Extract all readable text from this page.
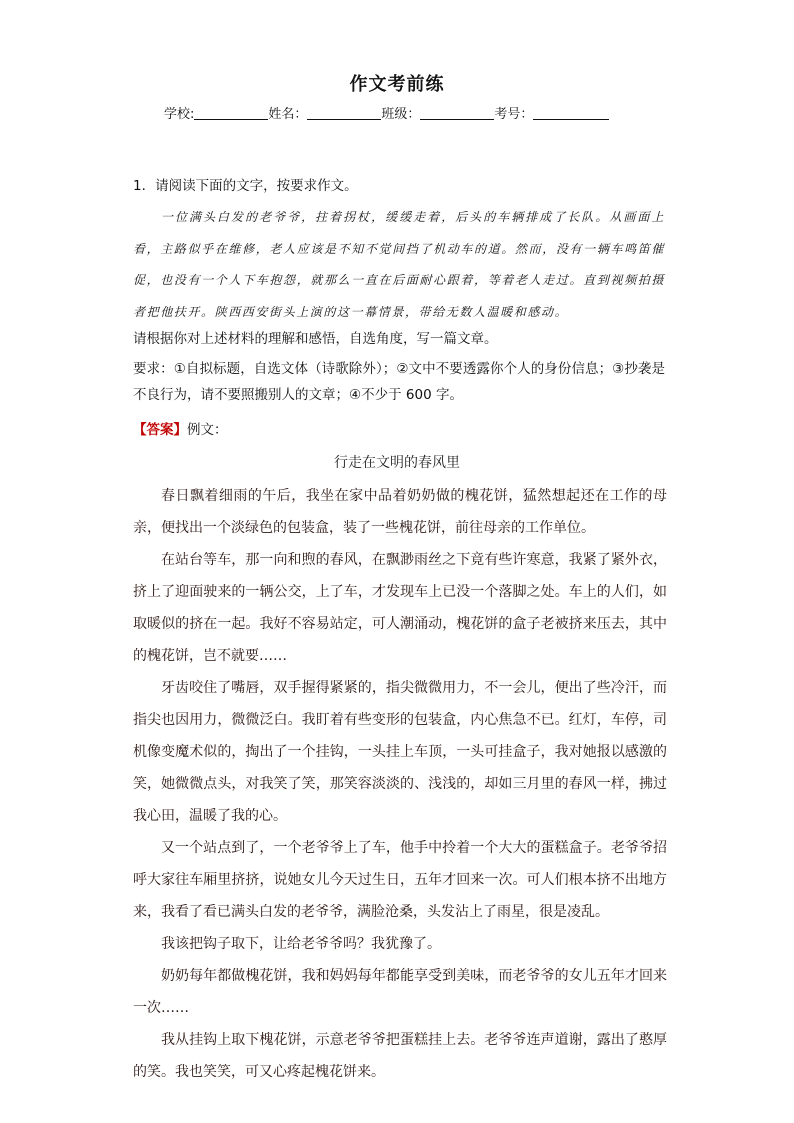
作文考前练
学校:	姓名：	班级：	考号：
1．请阅读下面的文字，按要求作文。
一位满头白发的老爷爷，拄着拐杖，缓缓走着，后头的车辆排成了长队。从画面上看，主路似乎在维修，老人应该是不知不觉间挡了机动车的道。然而，没有一辆车鸣笛催促，也没有一个人下车抱怨，就那么一直在后面耐心跟着，等着老人走过。直到视频拍摄者把他扶开。陕西西安街头上演的这一幕情景，带给无数人温暖和感动。
请根据你对上述材料的理解和感悟，自选角度，写一篇文章。
要求：①自拟标题，自选文体（诗歌除外）；②文中不要透露你个人的身份信息；③抄袭是不良行为，请不要照搬别人的文章；④不少于 600 字。
【答案】例文：
行走在文明的春风里

春日飘着细雨的午后，我坐在家中品着奶奶做的槐花饼，猛然想起还在工作的母亲，便找出一个淡绿色的包装盒，装了一些槐花饼，前往母亲的工作单位。

在站台等车，那一向和煦的春风，在飘渺雨丝之下竟有些许寒意，我紧了紧外衣，挤上了迎面驶来的一辆公交，上了车，才发现车上已没一个落脚之处。车上的人们，如取暖似的挤在一起。我好不容易站定，可人潮涌动，槐花饼的盒子老被挤来压去，其中的槐花饼，岂不就要……

牙齿咬住了嘴唇，双手握得紧紧的，指尖微微用力，不一会儿，便出了些冷汗，而指尖也因用力，微微泛白。我盯着有些变形的包装盒，内心焦急不已。红灯，车停，司机像变魔术似的，掏出了一个挂钩，一头挂上车顶，一头可挂盒子，我对她报以感激的笑，她微微点头，对我笑了笑，那笑容淡淡的、浅浅的，却如三月里的春风一样，拂过我心田，温暖了我的心。

又一个站点到了，一个老爷爷上了车，他手中拎着一个大大的蛋糕盒子。老爷爷招呼大家往车厢里挤挤，说她女儿今天过生日，五年才回来一次。可人们根本挤不出地方来，我看了看已满头白发的老爷爷，满脸沧桑，头发沾上了雨星，很是凌乱。

我该把钩子取下，让给老爷爷吗？我犹豫了。

奶奶每年都做槐花饼，我和妈妈每年都能享受到美味，而老爷爷的女儿五年才回来一次……

我从挂钩上取下槐花饼，示意老爷爷把蛋糕挂上去。老爷爷连声道谢，露出了憨厚的笑。我也笑笑，可又心疼起槐花饼来。
